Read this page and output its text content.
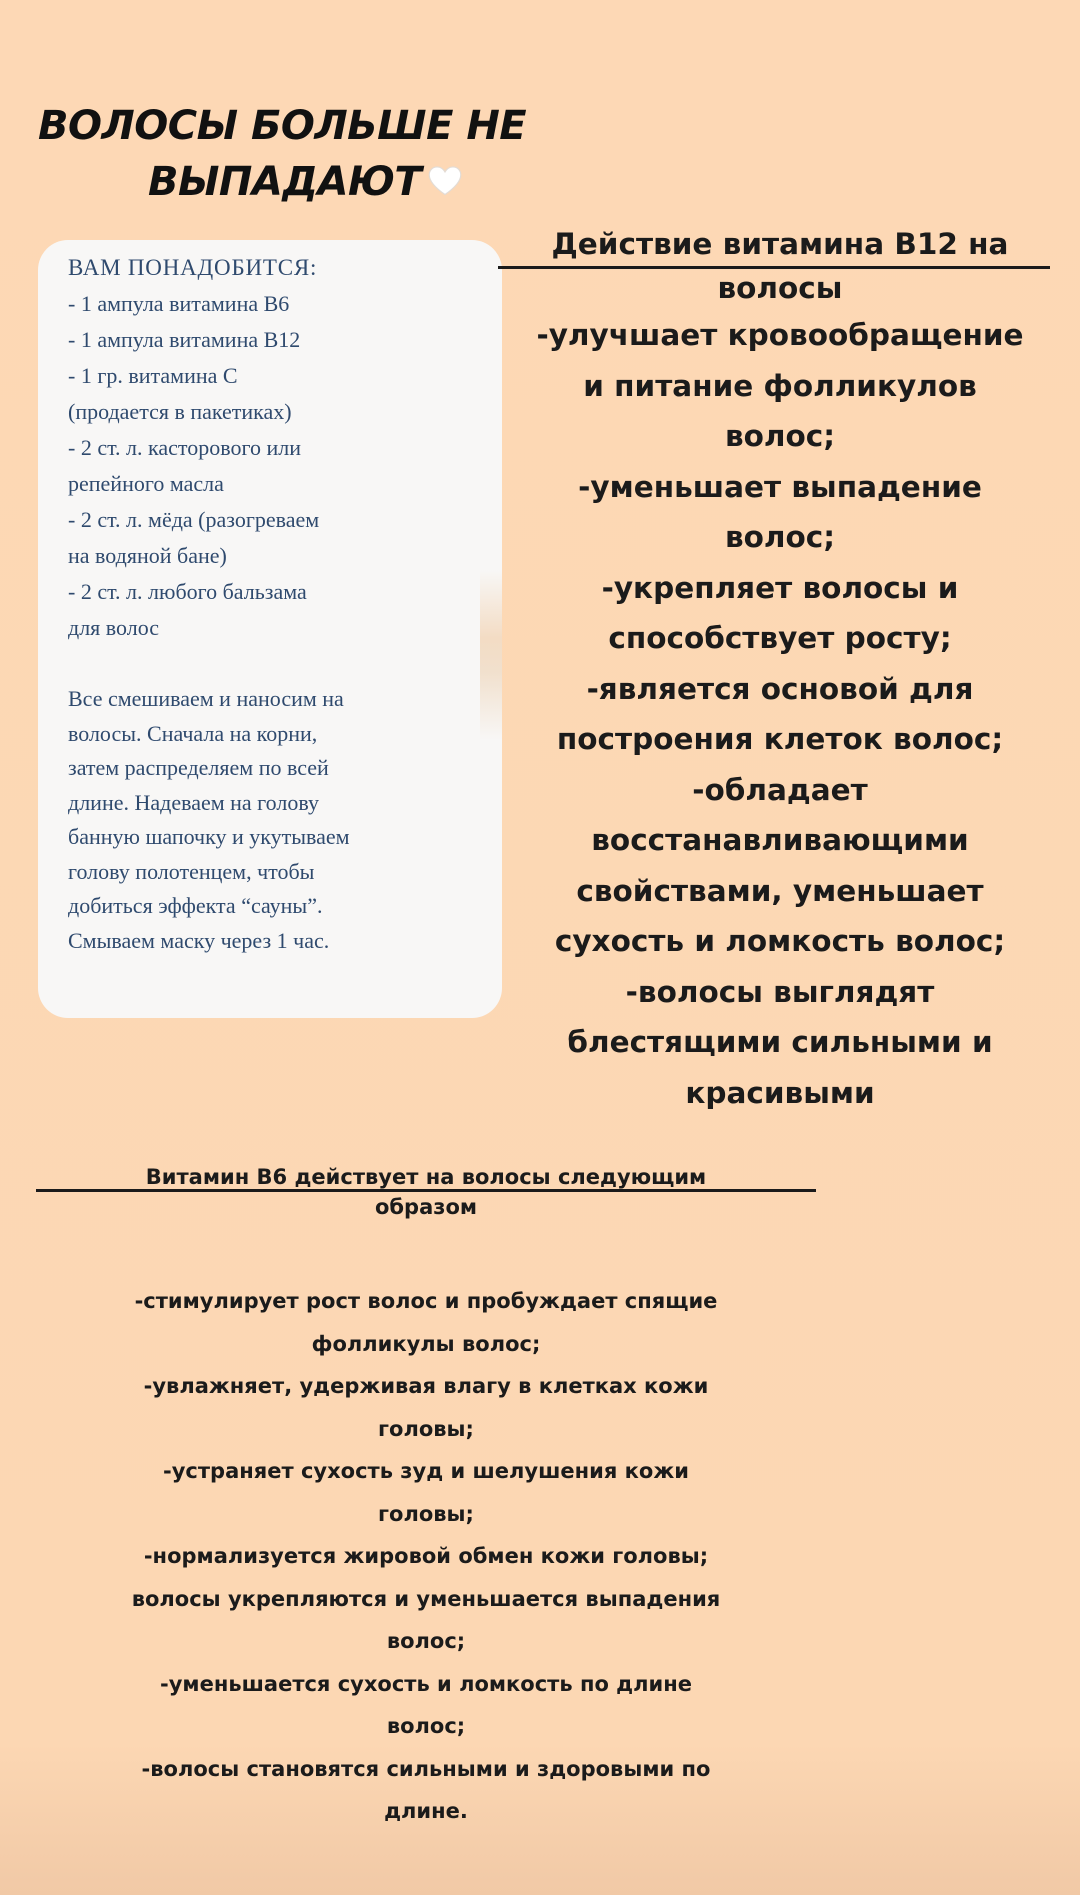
ВОЛОСЫ БОЛЬШЕ НЕ
ВЫПАДАЮТ
ВАМ ПОНАДОБИТСЯ:
- 1 ампула витамина B6
- 1 ампула витамина B12
- 1 гр. витамина С
(продается в пакетиках)
- 2 ст. л. касторового или
репейного масла
- 2 ст. л. мёда (разогреваем
на водяной бане)
- 2 ст. л. любого бальзама
для волос
Все смешиваем и наносим на
волосы. Сначала на корни,
затем распределяем по всей
длине. Надеваем на голову
банную шапочку и укутываем
голову полотенцем, чтобы
добиться эффекта “сауны”.
Смываем маску через 1 час.
Действие витамина В12 на
волосы
-улучшает кровообращение
и питание фолликулов
волос;
-уменьшает выпадение
волос;
-укрепляет волосы и
способствует росту;
-является основой для
построения клеток волос;
-обладает
восстанавливающими
свойствами, уменьшает
сухость и ломкость волос;
-волосы выглядят
блестящими сильными и
красивыми
Витамин В6 действует на волосы следующим
образом
-стимулирует рост волос и пробуждает спящие
фолликулы волос;
-увлажняет, удерживая влагу в клетках кожи
головы;
-устраняет сухость зуд и шелушения кожи
головы;
-нормализуется жировой обмен кожи головы;
волосы укрепляются и уменьшается выпадения
волос;
-уменьшается сухость и ломкость по длине
волос;
-волосы становятся сильными и здоровыми по
длине.
